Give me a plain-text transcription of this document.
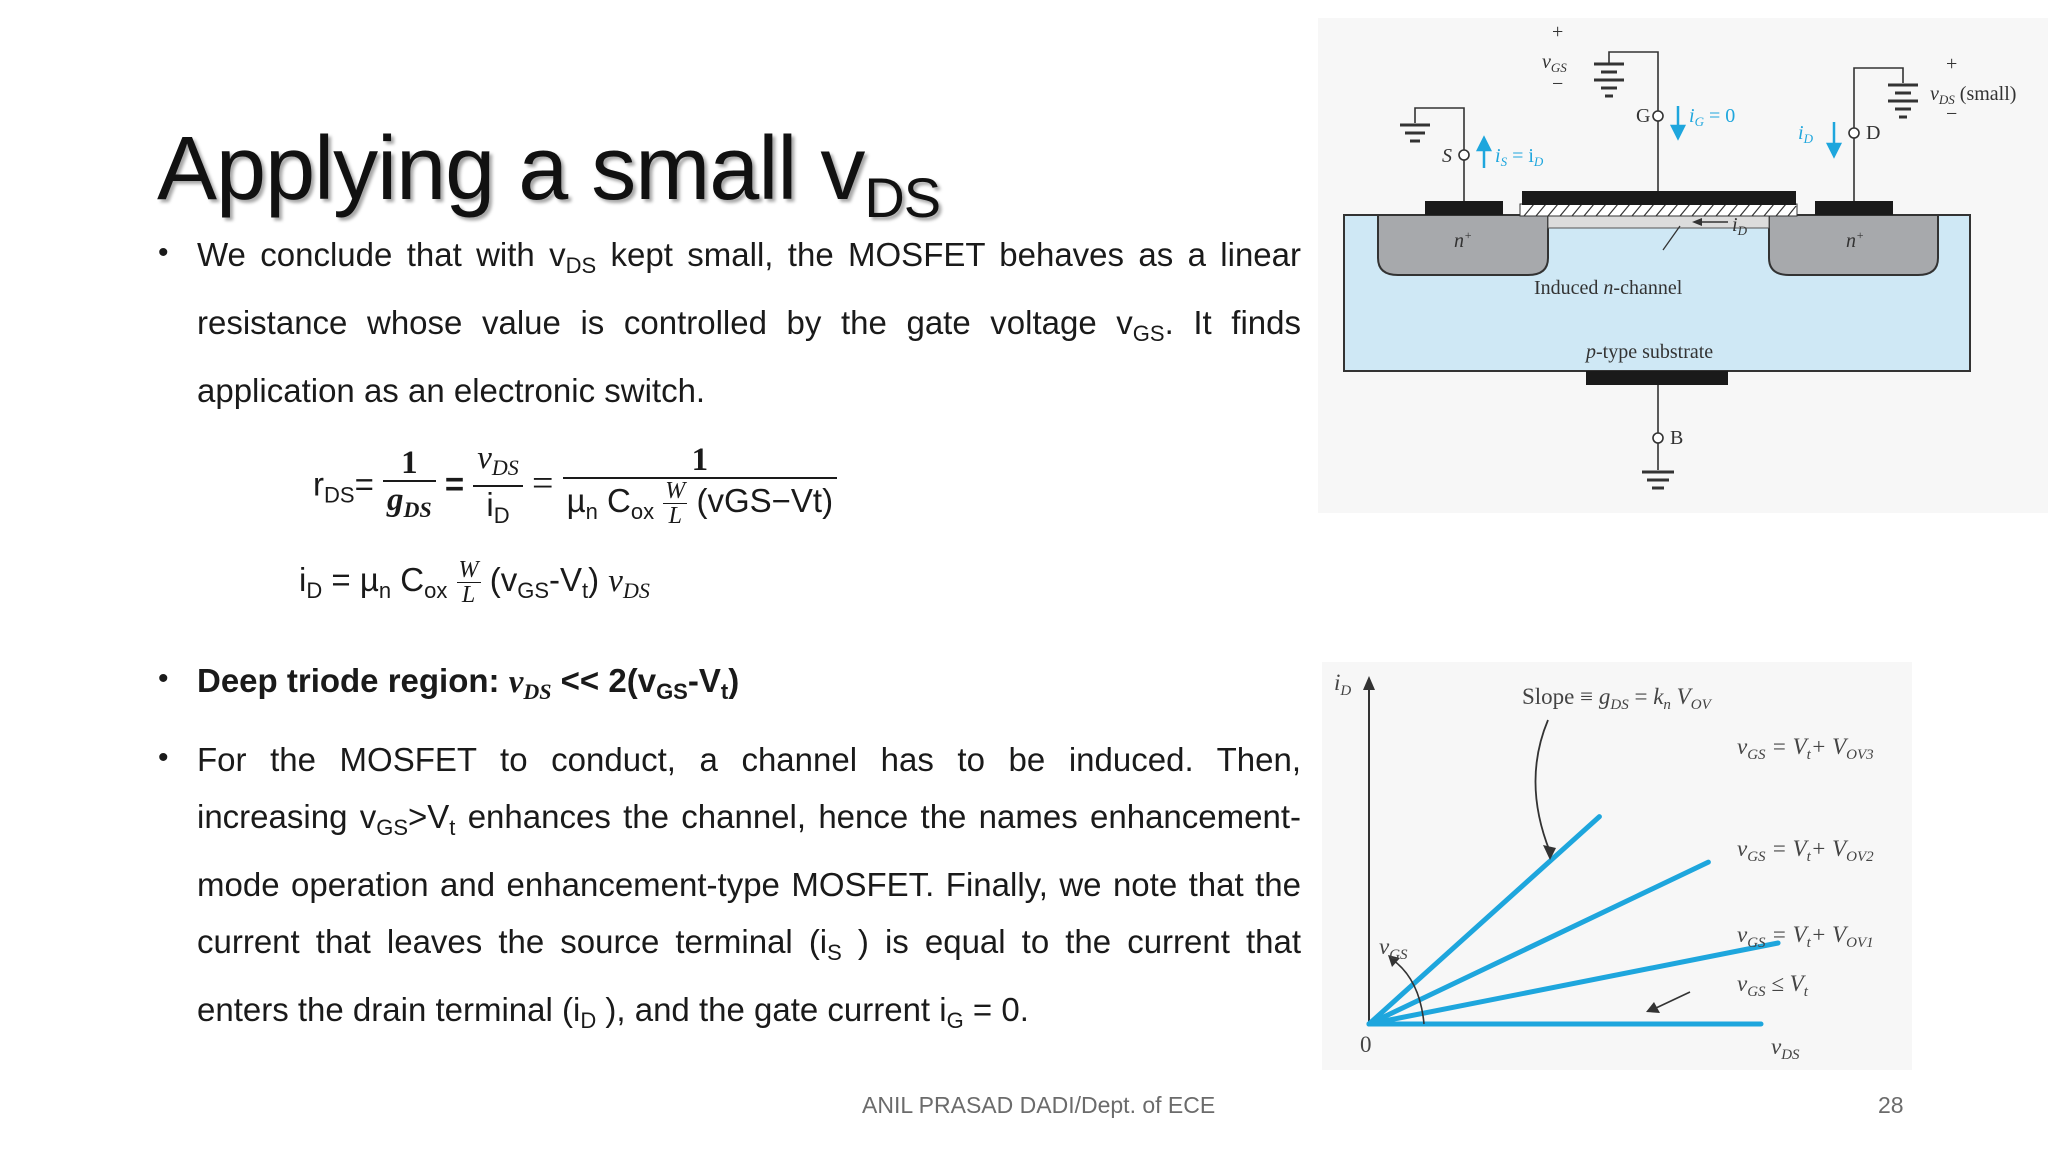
Applying a small $v_{DS}$
• We conclude that with $v_{DS}$ kept small, the MOSFET behaves as a linear resistance whose value is controlled by the gate voltage $v_{GS}$. It finds application as an electronic switch.
$r_{DS}= \frac{1}{g_{DS}} = \frac{v_{DS}}{i_D} = \frac{1}{\mu_n C_{ox} \frac{W}{L} (vGS-Vt)}$
$i_D = \mu_n$ $C_{ox} \frac{W}{L} (v_{GS}-V_t)$ $v_{DS}$
• Deep triode region: $v_{DS} << 2(v_{GS}-V_t)$
• For the MOSFET to conduct, a channel has to be induced. Then, increasing $v_{GS}>V_t$ enhances the channel, hence the names enhancement-mode operation and enhancement-type MOSFET. Finally, we note that the current that leaves the source terminal ($i_S$ ) is equal to the current that enters the drain terminal ($i_D$ ), and the gate current $i_G = 0$.
+
$v_{GS}$
−
+
$v_{DS}$ (small)
−
G $i_G = 0$
S $i_S = i_D$
D
$i_D$
n+	n+
$i_D$
Induced n-channel
p-type substrate
B
$i_D$
0	$v_{DS}$
Slope ≡ $g_{DS} = k_n$ $V_{OV}$
$v_{GS}$
$v_{GS} = V_t+ V_{OV3}$
$v_{GS} = V_t+ V_{OV2}$
$v_{GS} = V_t+ V_{OV1}$
$v_{GS} \le V_t$
ANIL PRASAD DADI/Dept. of ECE	28
